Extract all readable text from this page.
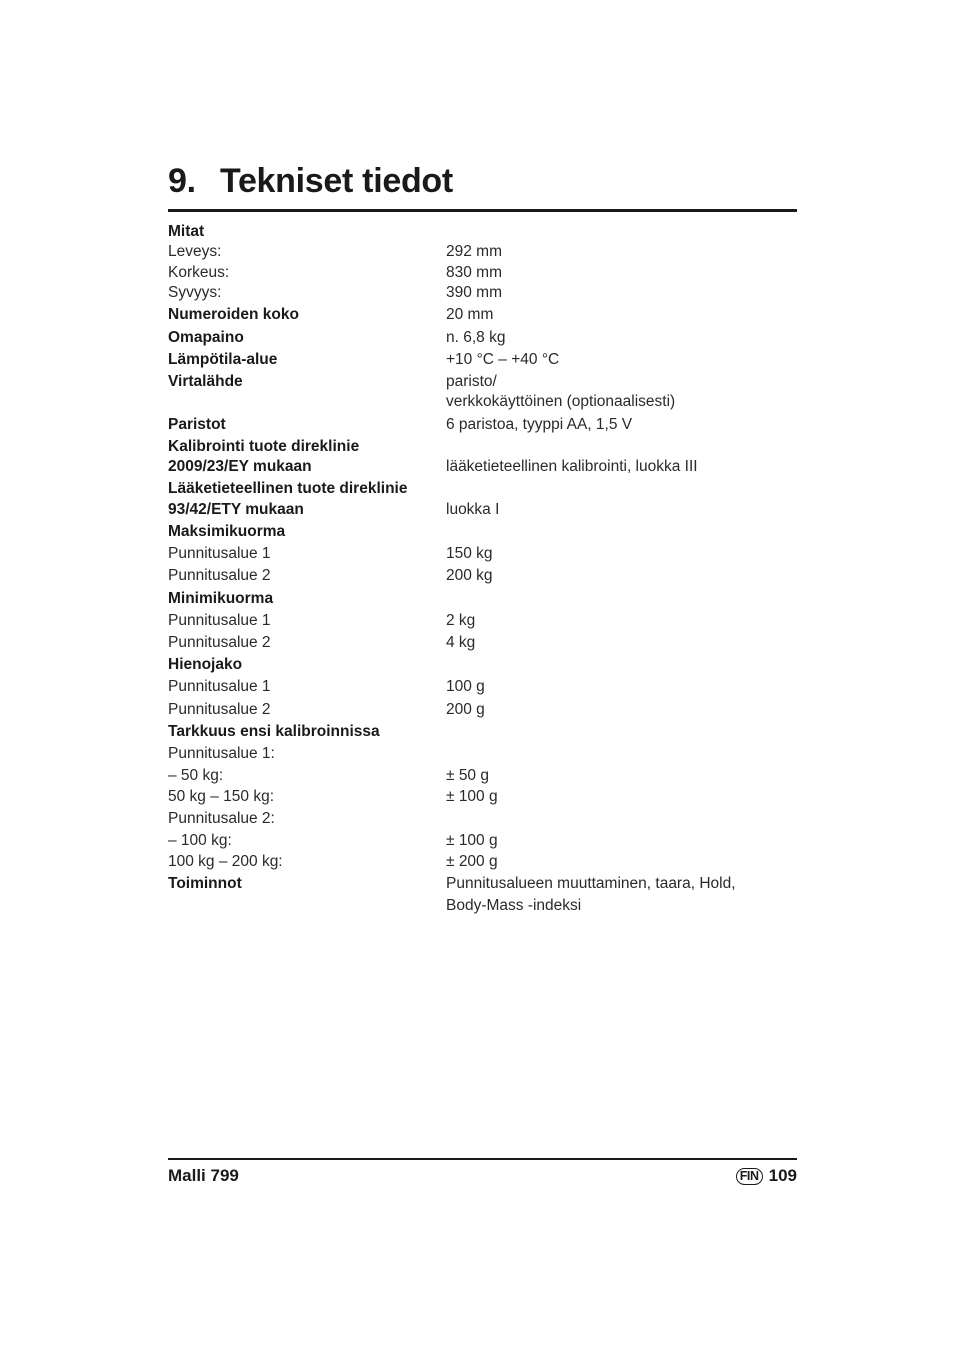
9. Tekniset tiedot
Mitat
Leveys:	292 mm
Korkeus:	830 mm
Syvyys:	390 mm
Numeroiden koko	20 mm
Omapaino	n. 6,8 kg
Lämpötila-alue	+10 °C – +40 °C
Virtalähde	paristo/
verkkokäyttöinen (optionaalisesti)
Paristot	6 paristoa, tyyppi AA, 1,5 V
Kalibrointi tuote direklinie
2009/23/EY mukaan	lääketieteellinen kalibrointi, luokka III
Lääketieteellinen tuote direklinie
93/42/ETY mukaan	luokka I
Maksimikuorma
Punnitusalue 1	150 kg
Punnitusalue 2	200 kg
Minimikuorma
Punnitusalue 1	2 kg
Punnitusalue 2	4 kg
Hienojako
Punnitusalue 1	100 g
Punnitusalue 2	200 g
Tarkkuus ensi kalibroinnissa
Punnitusalue 1:
– 50 kg:	± 50 g
50 kg – 150 kg:	± 100 g
Punnitusalue 2:
– 100 kg:	± 100 g
100 kg – 200 kg:	± 200 g
Toiminnot	Punnitusalueen muuttaminen, taara, Hold,
Body-Mass -indeksi
Malli 799	FIN 109
